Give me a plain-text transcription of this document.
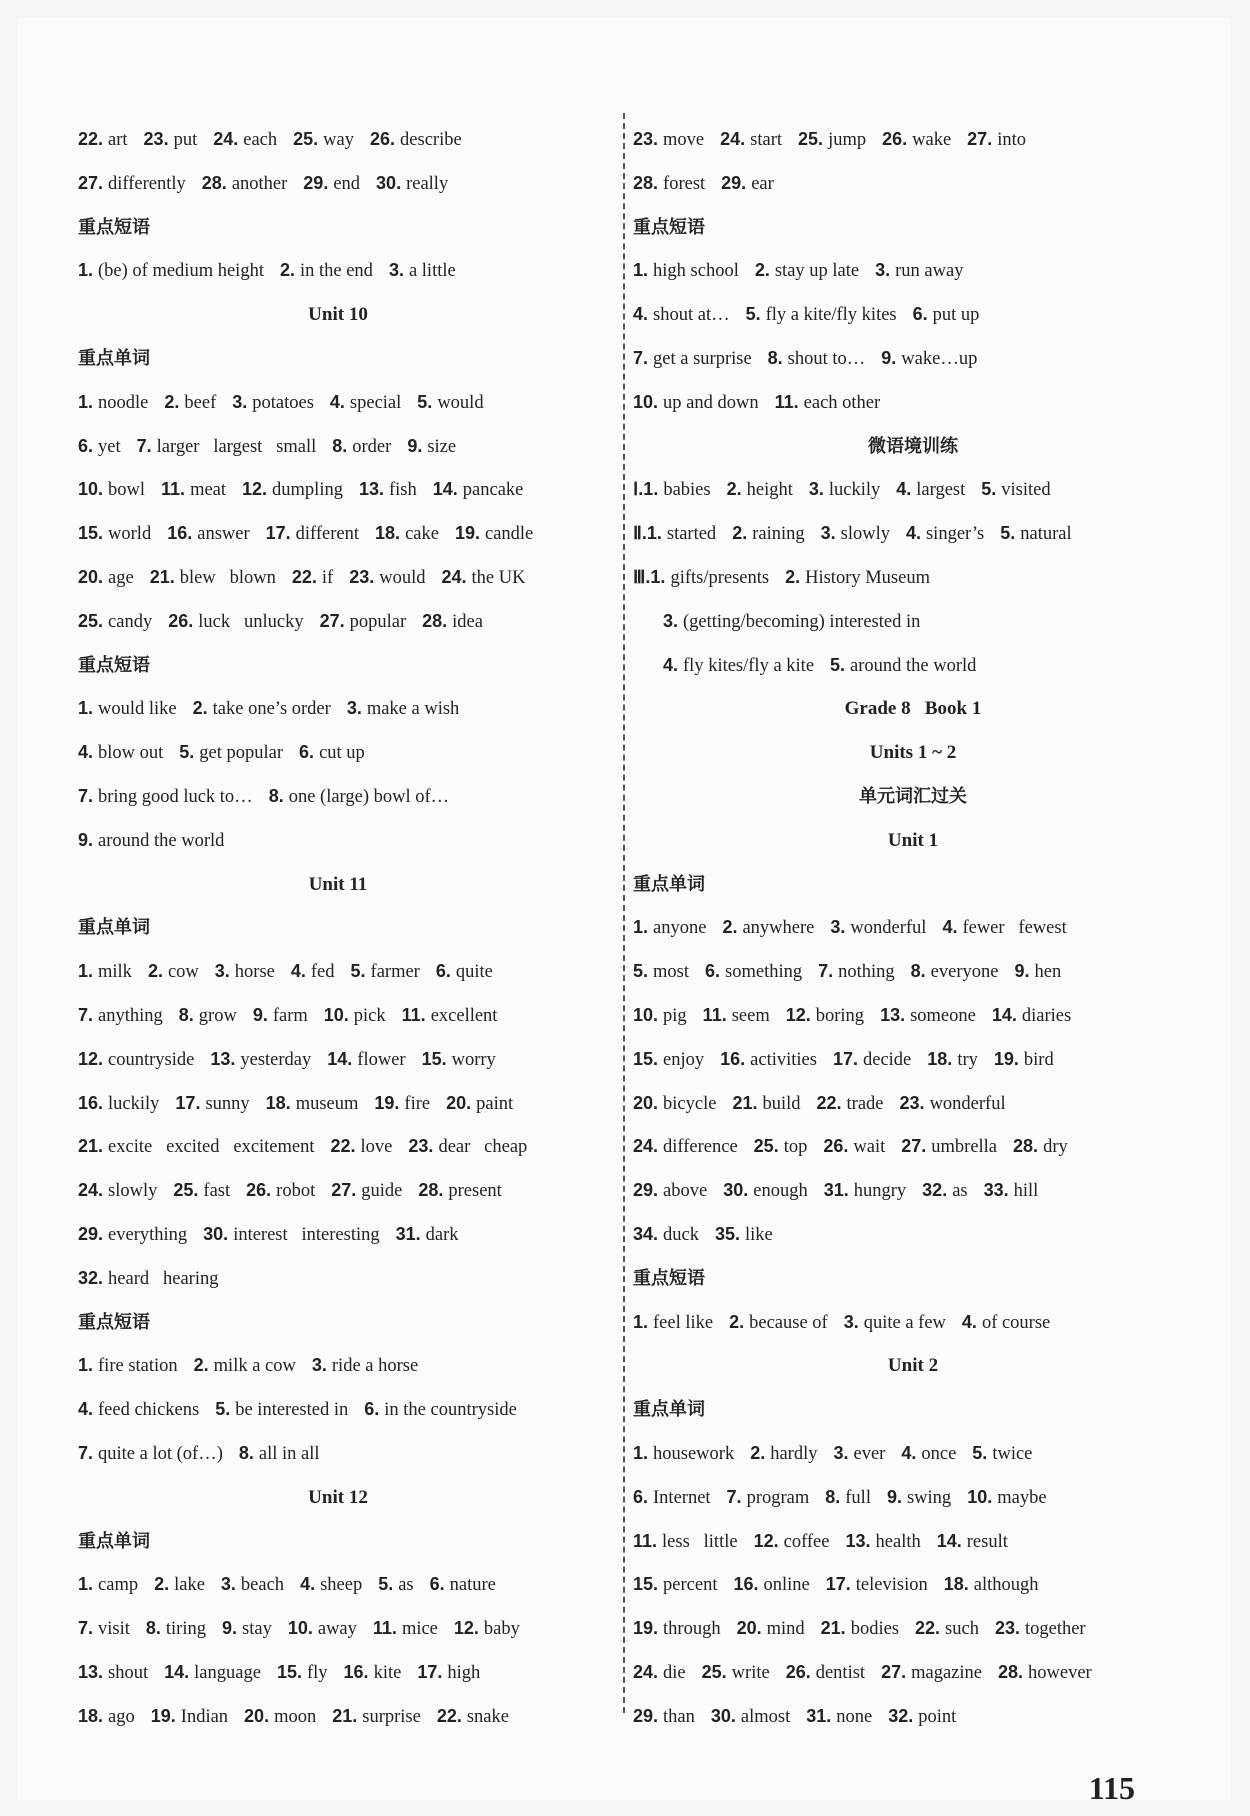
22. art 23. put 24. each 25. way 26. describe
27. differently 28. another 29. end 30. really
重点短语
1. (be) of medium height 2. in the end 3. a little
Unit 10
重点单词
1. noodle 2. beef 3. potatoes 4. special 5. would
6. yet 7. larger   largest   small 8. order 9. size
10. bowl 11. meat 12. dumpling 13. fish 14. pancake
15. world 16. answer 17. different 18. cake 19. candle
20. age 21. blew   blown 22. if 23. would 24. the UK
25. candy 26. luck   unlucky 27. popular 28. idea
重点短语
1. would like 2. take one’s order 3. make a wish
4. blow out 5. get popular 6. cut up
7. bring good luck to… 8. one (large) bowl of…
9. around the world
Unit 11
重点单词
1. milk 2. cow 3. horse 4. fed 5. farmer 6. quite
7. anything 8. grow 9. farm 10. pick 11. excellent
12. countryside 13. yesterday 14. flower 15. worry
16. luckily 17. sunny 18. museum 19. fire 20. paint
21. excite   excited   excitement 22. love 23. dear   cheap
24. slowly 25. fast 26. robot 27. guide 28. present
29. everything 30. interest   interesting 31. dark
32. heard   hearing
重点短语
1. fire station 2. milk a cow 3. ride a horse
4. feed chickens 5. be interested in 6. in the countryside
7. quite a lot (of…) 8. all in all
Unit 12
重点单词
1. camp 2. lake 3. beach 4. sheep 5. as 6. nature
7. visit 8. tiring 9. stay 10. away 11. mice 12. baby
13. shout 14. language 15. fly 16. kite 17. high
18. ago 19. Indian 20. moon 21. surprise 22. snake
23. move 24. start 25. jump 26. wake 27. into
28. forest 29. ear
重点短语
1. high school 2. stay up late 3. run away
4. shout at… 5. fly a kite/fly kites 6. put up
7. get a surprise 8. shout to… 9. wake…up
10. up and down 11. each other
微语境训练
Ⅰ.1. babies 2. height 3. luckily 4. largest 5. visited
Ⅱ.1. started 2. raining 3. slowly 4. singer’s 5. natural
Ⅲ.1. gifts/presents 2. History Museum
3. (getting/becoming) interested in
4. fly kites/fly a kite 5. around the world
Grade 8   Book 1
Units 1 ~ 2
单元词汇过关
Unit 1
重点单词
1. anyone 2. anywhere 3. wonderful 4. fewer   fewest
5. most 6. something 7. nothing 8. everyone 9. hen
10. pig 11. seem 12. boring 13. someone 14. diaries
15. enjoy 16. activities 17. decide 18. try 19. bird
20. bicycle 21. build 22. trade 23. wonderful
24. difference 25. top 26. wait 27. umbrella 28. dry
29. above 30. enough 31. hungry 32. as 33. hill
34. duck 35. like
重点短语
1. feel like 2. because of 3. quite a few 4. of course
Unit 2
重点单词
1. housework 2. hardly 3. ever 4. once 5. twice
6. Internet 7. program 8. full 9. swing 10. maybe
11. less   little 12. coffee 13. health 14. result
15. percent 16. online 17. television 18. although
19. through 20. mind 21. bodies 22. such 23. together
24. die 25. write 26. dentist 27. magazine 28. however
29. than 30. almost 31. none 32. point
115
